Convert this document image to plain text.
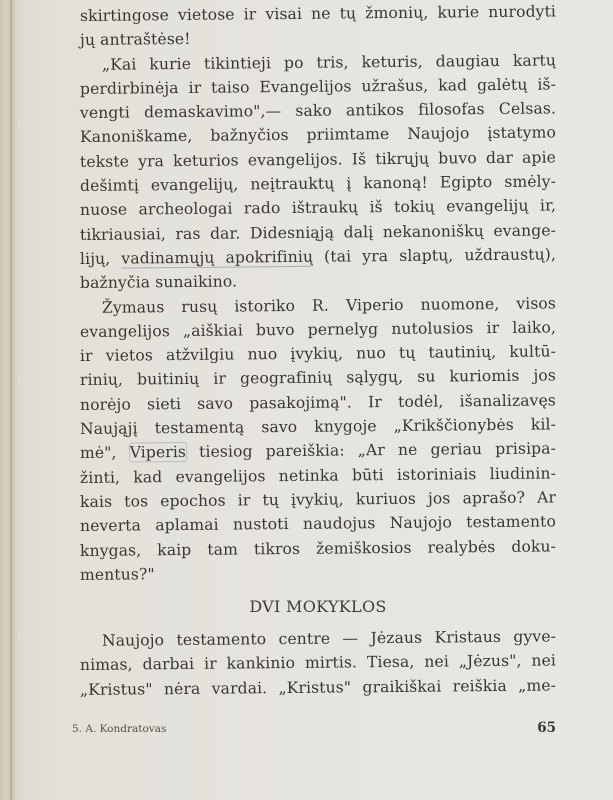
skirtingose vietose ir visai ne tų žmonių, kurie nurodyti
jų antraštėse!
„Kai kurie tikintieji po tris, keturis, daugiau kartų
perdirbinėja ir taiso Evangelijos užrašus, kad galėtų iš-
vengti demaskavimo",— sako antikos filosofas Celsas.
Kanoniškame, bažnyčios priimtame Naujojo įstatymo
tekste yra keturios evangelijos. Iš tikrųjų buvo dar apie
dešimtį evangelijų, neįtrauktų į kanoną! Egipto smėly-
nuose archeologai rado ištraukų iš tokių evangelijų ir,
tikriausiai, ras dar. Didesniąją dalį nekanoniškų evange-
lijų, vadinamųjų apokrifinių (tai yra slaptų, uždraustų),
bažnyčia sunaikino.
Žymaus rusų istoriko R. Viperio nuomone, visos
evangelijos „aiškiai buvo pernelyg nutolusios ir laiko,
ir vietos atžvilgiu nuo įvykių, nuo tų tautinių, kultū-
rinių, buitinių ir geografinių sąlygų, su kuriomis jos
norėjo sieti savo pasakojimą". Ir todėl, išanalizavęs
Naująjį testamentą savo knygoje „Krikščionybės kil-
mė", Viperis tiesiog pareiškia: „Ar ne geriau prisipa-
žinti, kad evangelijos netinka būti istoriniais liudinin-
kais tos epochos ir tų įvykių, kuriuos jos aprašo? Ar
neverta aplamai nustoti naudojus Naujojo testamento
knygas, kaip tam tikros žemiškosios realybės doku-
mentus?"
DVI MOKYKLOS
Naujojo testamento centre — Jėzaus Kristaus gyve-
nimas, darbai ir kankinio mirtis. Tiesa, nei „Jėzus", nei
„Kristus" nėra vardai. „Kristus" graikiškai reiškia „me-
5. A. Kondratovas	65
